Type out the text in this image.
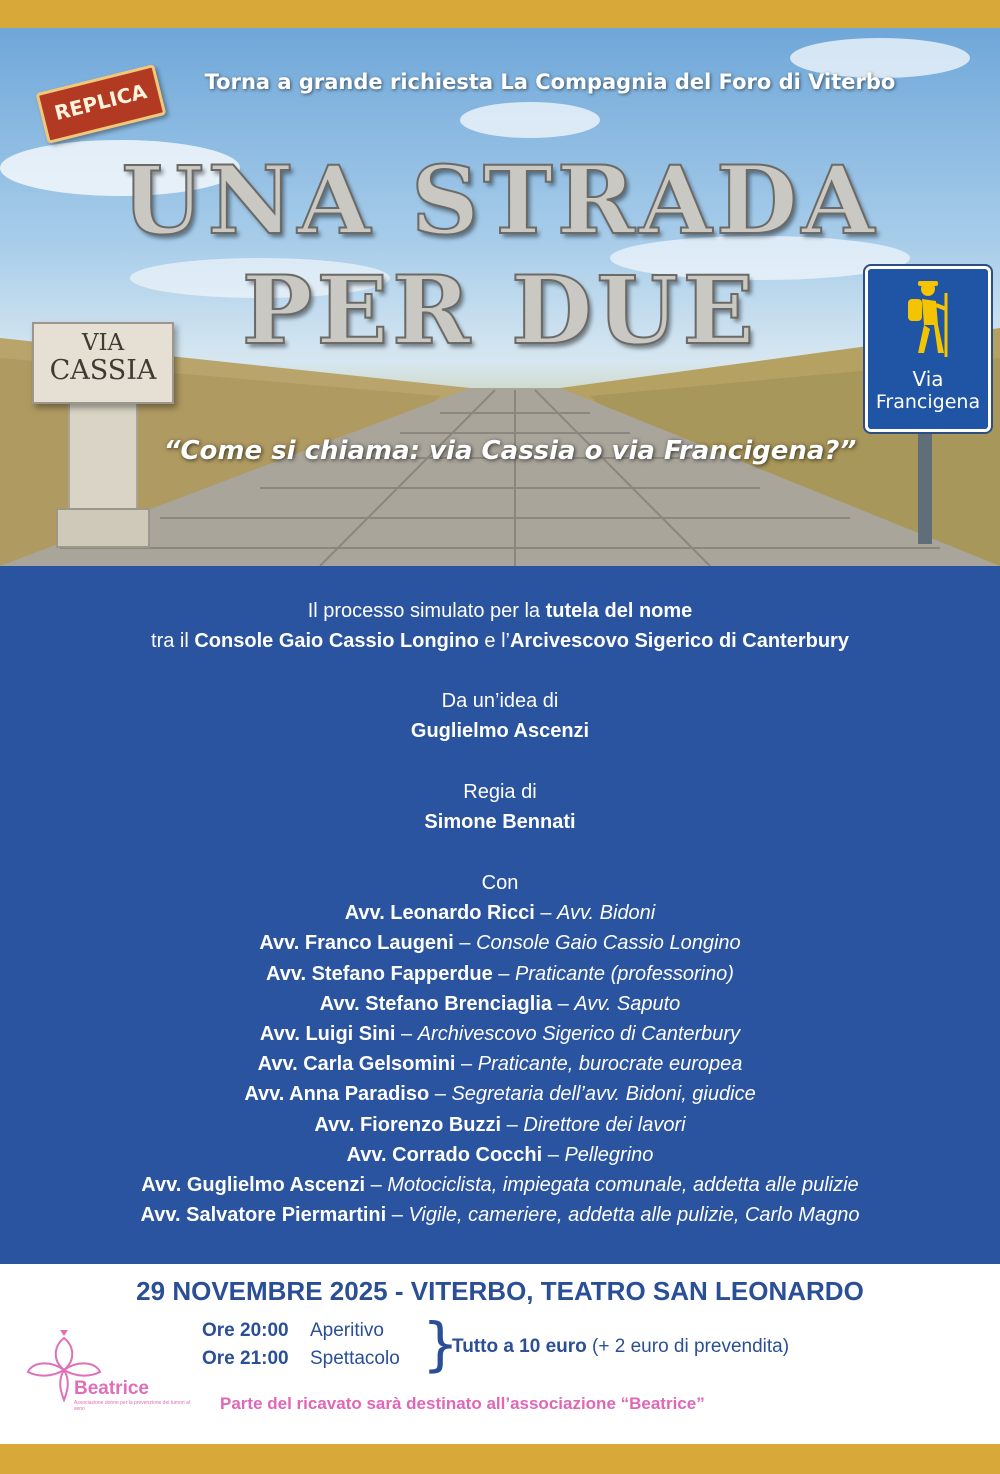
REPLICA	Torna a grande richiesta La Compagnia del Foro di Viterbo
UNA STRADA
PER DUE
VIA
CASSIA	Via
Francigena
“Come si chiama: via Cassia o via Francigena?”
Il processo simulato per la tutela del nome
tra il Console Gaio Cassio Longino e l’Arcivescovo Sigerico di Canterbury
Da un’idea di
Guglielmo Ascenzi
Regia di
Simone Bennati
Con
Avv. Leonardo Ricci – Avv. Bidoni
Avv. Franco Laugeni – Console Gaio Cassio Longino
Avv. Stefano Fapperdue – Praticante (professorino)
Avv. Stefano Brenciaglia – Avv. Saputo
Avv. Luigi Sini – Archivescovo Sigerico di Canterbury
Avv. Carla Gelsomini – Praticante, burocrate europea
Avv. Anna Paradiso – Segretaria dell’avv. Bidoni, giudice
Avv. Fiorenzo Buzzi – Direttore dei lavori
Avv. Corrado Cocchi – Pellegrino
Avv. Guglielmo Ascenzi – Motociclista, impiegata comunale, addetta alle pulizie
Avv. Salvatore Piermartini – Vigile, cameriere, addetta alle pulizie, Carlo Magno
29 NOVEMBRE 2025 - VITERBO, TEATRO SAN LEONARDO
Ore 20:00 Aperitivo
Ore 21:00 Spettacolo }
Tutto a 10 euro (+ 2 euro di prevendita)
Beatrice
Associazione donne per la prevenzione dei tumori al seno	Parte del ricavato sarà destinato all’associazione “Beatrice”
